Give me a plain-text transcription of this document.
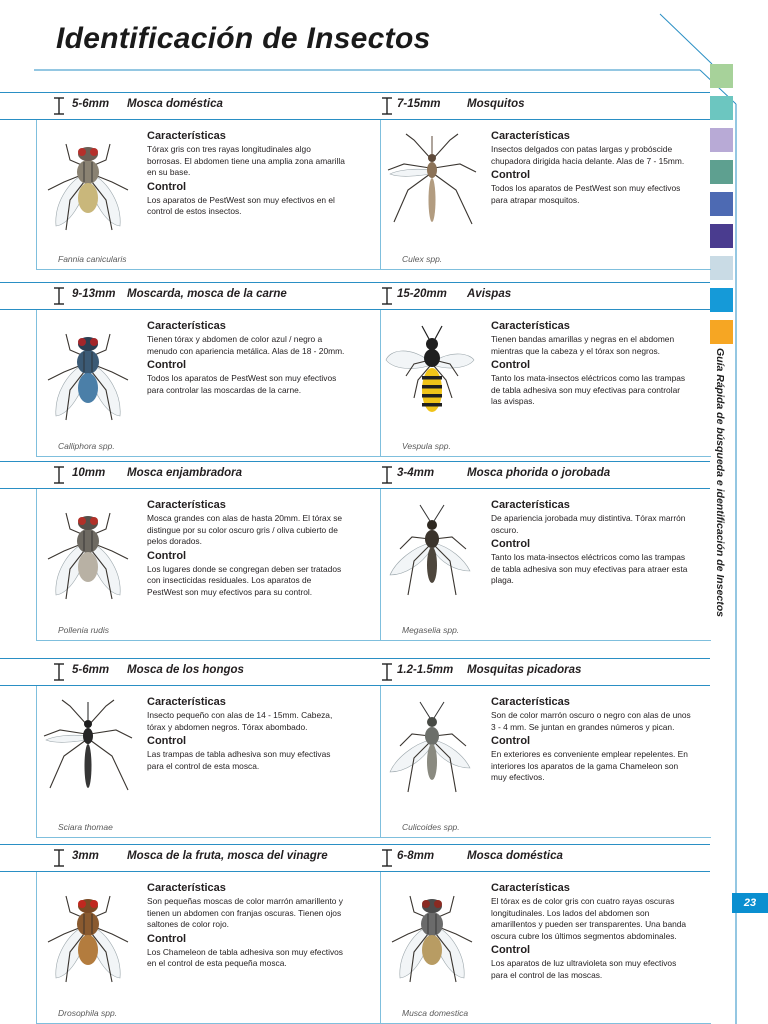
Identificación de Insectos
Guía Rápida de búsqueda e identificación de Insectos
23
5-6mm Mosca doméstica
Fannia canicularis

Características

Tórax gris con tres rayas longitudinales algo borrosas. El abdomen tiene una amplia zona amarilla en su base.

Control

Los aparatos de PestWest son muy efectivos en el control de estos insectos.

7-15mm Mosquitos
Culex spp.

Características

Insectos delgados con patas largas y probóscide chupadora dirigida hacia delante. Alas de 7 - 15mm.

Control

Todos los aparatos de PestWest son muy efectivos para atrapar mosquitos.

9-13mm Moscarda, mosca de la carne
Calliphora spp.

Características

Tienen tórax y abdomen de color azul / negro a menudo con apariencia metálica. Alas de 18 - 20mm.

Control

Todos los aparatos de PestWest son muy efectivos para controlar las moscardas de la carne.

15-20mm Avispas
Vespula spp.

Características

Tienen bandas amarillas y negras en el abdomen mientras que la cabeza y el tórax son negros.

Control

Tanto los mata-insectos eléctricos como las trampas de tabla adhesiva son muy efectivas para controlar las avispas.

10mm Mosca enjambradora
Pollenia rudis

Características

Mosca grandes con alas de hasta 20mm. El tórax se distingue por su color oscuro gris / oliva cubierto de pelos dorados.

Control

Los lugares donde se congregan deben ser tratados con insecticidas residuales. Los aparatos de PestWest son muy efectivos para su control.

3-4mm	Mosca phorida o jorobada
Megaselia spp.

Características

De apariencia jorobada muy distintiva. Tórax marrón oscuro.

Control

Tanto los mata-insectos eléctricos como las trampas de tabla adhesiva son muy efectivas para atraer esta plaga.

5-6mm Mosca de los hongos
Sciara thomae

Características

Insecto pequeño con alas de 14 - 15mm. Cabeza, tórax y abdomen negros. Tórax abombado.

Control

Las trampas de tabla adhesiva son muy efectivas para el control de esta mosca.

1.2-1.5mm Mosquitas picadoras
Culicoides spp.

Características

Son de color marrón oscuro o negro con alas de unos 3 - 4 mm. Se juntan en grandes números y pican.

Control

En exteriores es conveniente emplear repelentes. En interiores los aparatos de la gama Chameleon son muy efectivos.

3mm Mosca de la fruta, mosca del vinagre
Drosophila spp.

Características

Son pequeñas moscas de color marrón amarillento y tienen un abdomen con franjas oscuras. Tienen ojos saltones de color rojo.

Control

Los Chameleon de tabla adhesiva son muy efectivos en el control de esta pequeña mosca.

6-8mm	Mosca doméstica
Musca domestica

Características

El tórax es de color gris con cuatro rayas oscuras longitudinales. Los lados del abdomen son amarillentos y pueden ser transparentes. Una banda oscura cubre los últimos segmentos abdominales.

Control

Los aparatos de luz ultravioleta son muy efectivos para el control de las moscas.
